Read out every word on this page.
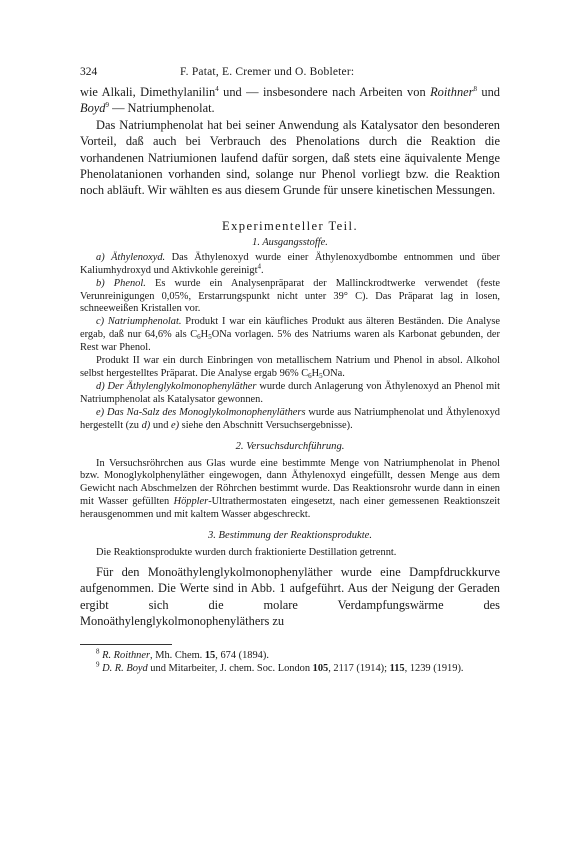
324	F. Patat, E. Cremer und O. Bobleter:

wie Alkali, Dimethylanilin$^4$ und — insbesondere nach Arbeiten von Roithner$^8$ und Boyd$^9$ — Natriumphenolat.

Das Natriumphenolat hat bei seiner Anwendung als Katalysator den besonderen Vorteil, daß auch bei Verbrauch des Phenolations durch die Reaktion die vorhandenen Natriumionen laufend dafür sorgen, daß stets eine äquivalente Menge Phenolatanionen vorhanden sind, solange nur Phenol vorliegt bzw. die Reaktion noch abläuft. Wir wählten es aus diesem Grunde für unsere kinetischen Messungen.

Experimenteller Teil.
1. Ausgangsstoffe.

a) Äthylenoxyd. Das Äthylenoxyd wurde einer Äthylenoxydbombe entnommen und über Kaliumhydroxyd und Aktivkohle gereinigt$^4$.

b) Phenol. Es wurde ein Analysenpräparat der Mallinckrodtwerke verwendet (feste Verunreinigungen 0,05%, Erstarrungspunkt nicht unter 39° C). Das Präparat lag in losen, schneeweißen Kristallen vor.

c) Natriumphenolat. Produkt I war ein käufliches Produkt aus älteren Beständen. Die Analyse ergab, daß nur 64,6% als $C_6H_5ONa$ vorlagen. 5% des Natriums waren als Karbonat gebunden, der Rest war Phenol.

Produkt II war ein durch Einbringen von metallischem Natrium und Phenol in absol. Alkohol selbst hergestelltes Präparat. Die Analyse ergab 96% $C_6H_5ONa$.

d) Der Äthylenglykolmonophenyläther wurde durch Anlagerung von Äthylenoxyd an Phenol mit Natriumphenolat als Katalysator gewonnen.

e) Das Na-Salz des Monoglykolmonophenyläthers wurde aus Natriumphenolat und Äthylenoxyd hergestellt (zu d) und e) siehe den Abschnitt Versuchsergebnisse).

2. Versuchsdurchführung.

In Versuchsröhrchen aus Glas wurde eine bestimmte Menge von Natriumphenolat in Phenol bzw. Monoglykolphenyläther eingewogen, dann Äthylenoxyd eingefüllt, dessen Menge aus dem Gewicht nach Abschmelzen der Röhrchen bestimmt wurde. Das Reaktionsrohr wurde dann in einen mit Wasser gefüllten Höppler-Ultrathermostaten eingesetzt, nach einer gemessenen Reaktionszeit herausgenommen und mit kaltem Wasser abgeschreckt.

3. Bestimmung der Reaktionsprodukte.

Die Reaktionsprodukte wurden durch fraktionierte Destillation getrennt.

Für den Monoäthylenglykolmonophenyläther wurde eine Dampfdruckkurve aufgenommen. Die Werte sind in Abb. 1 aufgeführt. Aus der Neigung der Geraden ergibt sich die molare Verdampfungswärme des Monoäthylenglykolmonophenyläthers zu

$^8$ R. Roithner, Mh. Chem. 15, 674 (1894).

$^9$ D. R. Boyd und Mitarbeiter, J. chem. Soc. London 105, 2117 (1914); 115, 1239 (1919).
